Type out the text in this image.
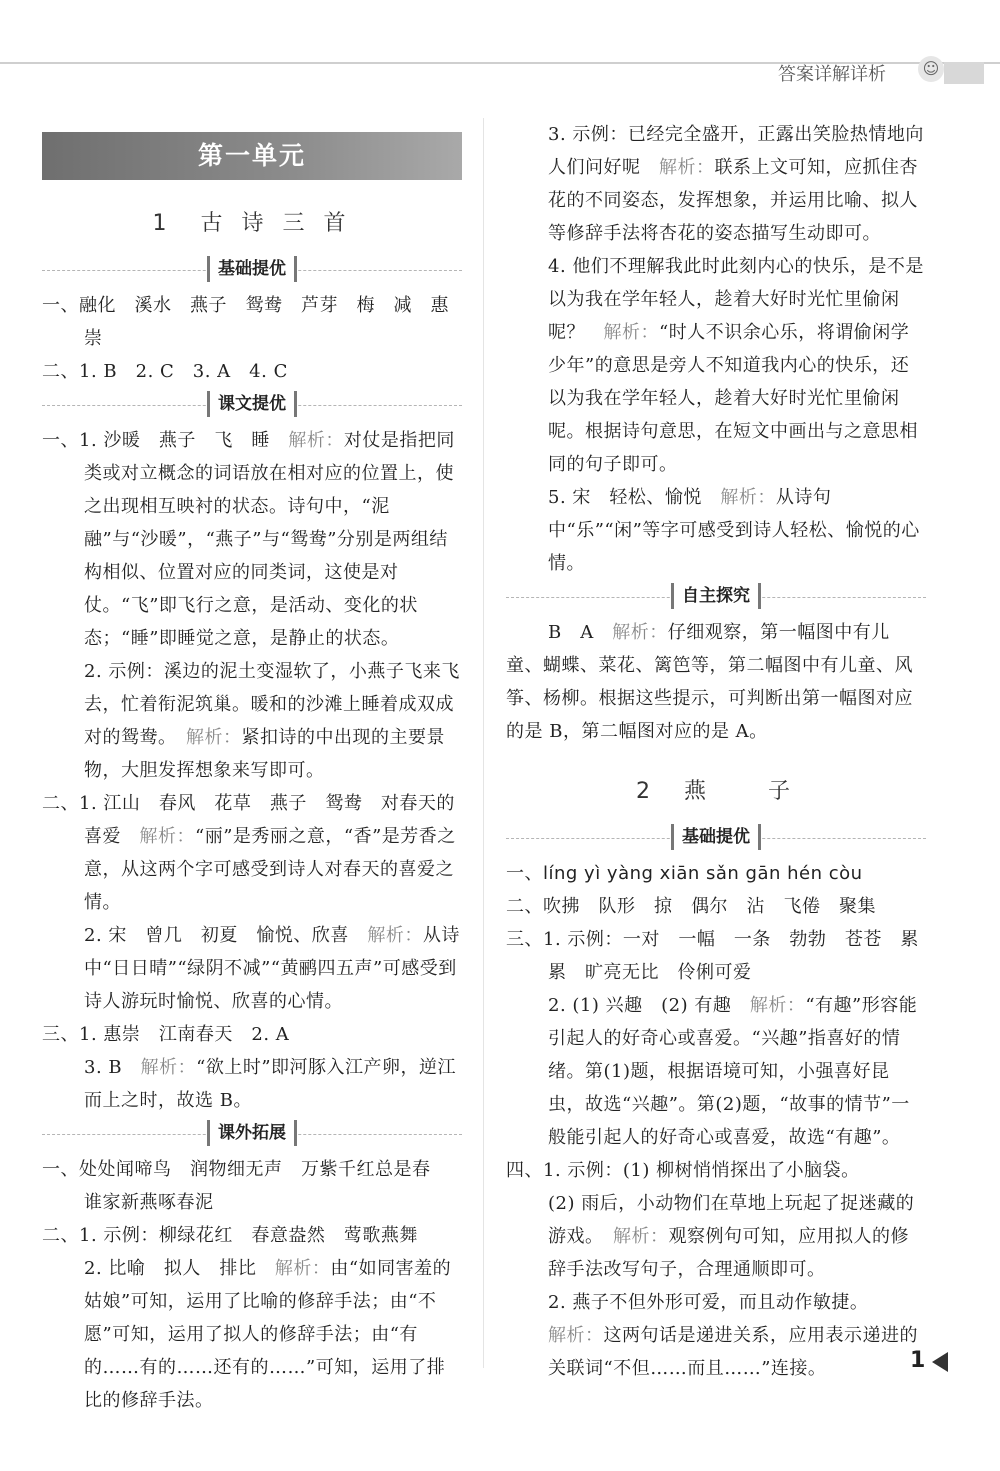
答案详解详析 ☺
第一单元
1　古 诗 三 首
基础提优

一、融化　溪水　燕子　鸳鸯　芦芽　梅　减　惠崇

二、1. B　2. C　3. A　4. C

课文提优

一、1. 沙暖　燕子　飞　睡　解析：对仗是指把同类或对立概念的词语放在相对应的位置上，使之出现相互映衬的状态。诗句中，“泥融”与“沙暖”，“燕子”与“鸳鸯”分别是两组结构相似、位置对应的同类词，这使是对仗。“飞”即飞行之意，是活动、变化的状态；“睡”即睡觉之意，是静止的状态。

2. 示例：溪边的泥土变湿软了，小燕子飞来飞去，忙着衔泥筑巢。暖和的沙滩上睡着成双成对的鸳鸯。　解析：紧扣诗的中出现的主要景物，大胆发挥想象来写即可。

二、1. 江山　春风　花草　燕子　鸳鸯　对春天的喜爱　解析：“丽”是秀丽之意，“香”是芳香之意，从这两个字可感受到诗人对春天的喜爱之情。

2. 宋　曾几　初夏　愉悦、欣喜　解析：从诗中“日日晴”“绿阴不减”“黄鹂四五声”可感受到诗人游玩时愉悦、欣喜的心情。

三、1. 惠崇　江南春天　2. A

3. B　解析：“欲上时”即河豚入江产卵，逆江而上之时，故选 B。

课外拓展

一、处处闻啼鸟　润物细无声　万紫千红总是春　谁家新燕啄春泥

二、1. 示例：柳绿花红　春意盎然　莺歌燕舞

2. 比喻　拟人　排比　解析：由“如同害羞的姑娘”可知，运用了比喻的修辞手法；由“不愿”可知，运用了拟人的修辞手法；由“有的……有的……还有的……”可知，运用了排比的修辞手法。

3. 示例：已经完全盛开，正露出笑脸热情地向人们问好呢　解析：联系上文可知，应抓住杏花的不同姿态，发挥想象，并运用比喻、拟人等修辞手法将杏花的姿态描写生动即可。

4. 他们不理解我此时此刻内心的快乐，是不是以为我在学年轻人，趁着大好时光忙里偷闲呢？　解析：“时人不识余心乐，将谓偷闲学少年”的意思是旁人不知道我内心的快乐，还以为我在学年轻人，趁着大好时光忙里偷闲呢。根据诗句意思，在短文中画出与之意思相同的句子即可。

5. 宋　轻松、愉悦　解析：从诗句中“乐”“闲”等字可感受到诗人轻松、愉悦的心情。

自主探究

B　A　解析：仔细观察，第一幅图中有儿童、蝴蝶、菜花、篱笆等，第二幅图中有儿童、风筝、杨柳。根据这些提示，可判断出第一幅图对应的是 B，第二幅图对应的是 A。

2　燕　　子
基础提优

一、líng yì yàng xiān sǎn gān hén còu

二、吹拂　队形　掠　偶尔　沾　飞倦　聚集

三、1. 示例：一对　一幅　一条　勃勃　苍苍　累累　旷亮无比　伶俐可爱

2. (1) 兴趣　(2) 有趣　解析：“有趣”形容能引起人的好奇心或喜爱。“兴趣”指喜好的情绪。第(1)题，根据语境可知，小强喜好昆虫，故选“兴趣”。第(2)题，“故事的情节”一般能引起人的好奇心或喜爱，故选“有趣”。

四、1. 示例：(1) 柳树悄悄探出了小脑袋。

(2) 雨后，小动物们在草地上玩起了捉迷藏的游戏。　解析：观察例句可知，应用拟人的修辞手法改写句子，合理通顺即可。

2. 燕子不但外形可爱，而且动作敏捷。

解析：这两句话是递进关系，应用表示递进的关联词“不但……而且……”连接。	1
